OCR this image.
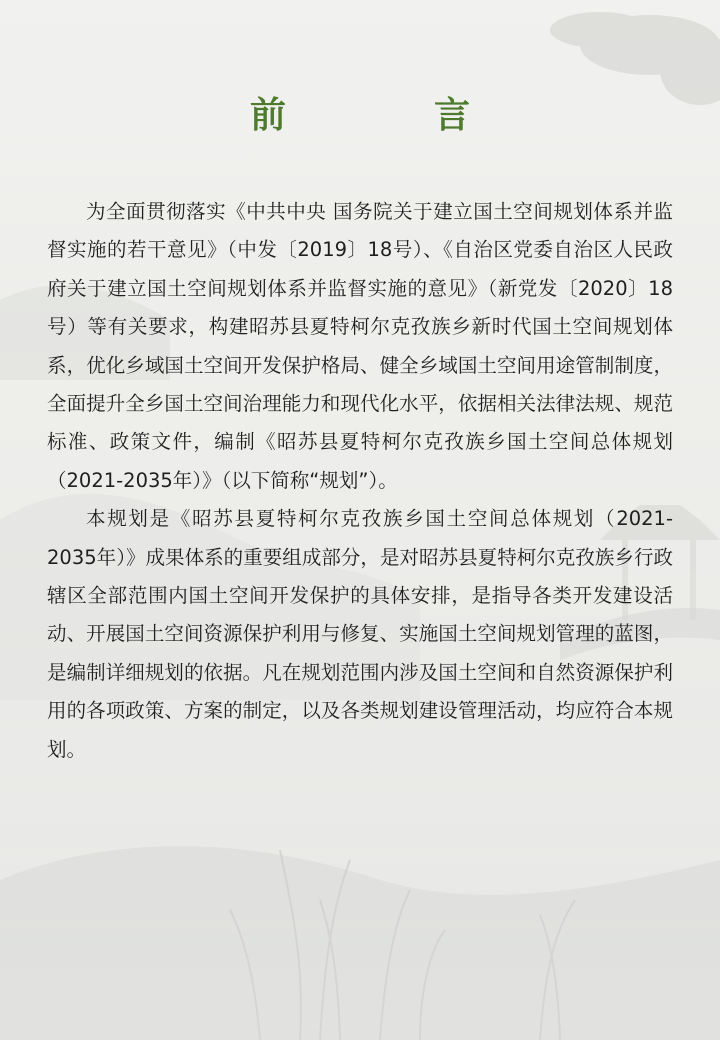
前　言

为全面贯彻落实《中共中央 国务院关于建立国土空间规划体系并监督实施的若干意见》（中发〔2019〕18号）、《自治区党委自治区人民政府关于建立国土空间规划体系并监督实施的意见》（新党发〔2020〕18 号）等有关要求，构建昭苏县夏特柯尔克孜族乡新时代国土空间规划体系，优化乡域国土空间开发保护格局、健全乡域国土空间用途管制制度，全面提升全乡国土空间治理能力和现代化水平，依据相关法律法规、规范标准、政策文件，编制《昭苏县夏特柯尔克孜族乡国土空间总体规划（2021-2035年）》（以下简称“规划”）。

本规划是《昭苏县夏特柯尔克孜族乡国土空间总体规划（2021-2035年）》成果体系的重要组成部分，是对昭苏县夏特柯尔克孜族乡行政辖区全部范围内国土空间开发保护的具体安排，是指导各类开发建设活动、开展国土空间资源保护利用与修复、实施国土空间规划管理的蓝图，是编制详细规划的依据。凡在规划范围内涉及国土空间和自然资源保护利用的各项政策、方案的制定，以及各类规划建设管理活动，均应符合本规划。
